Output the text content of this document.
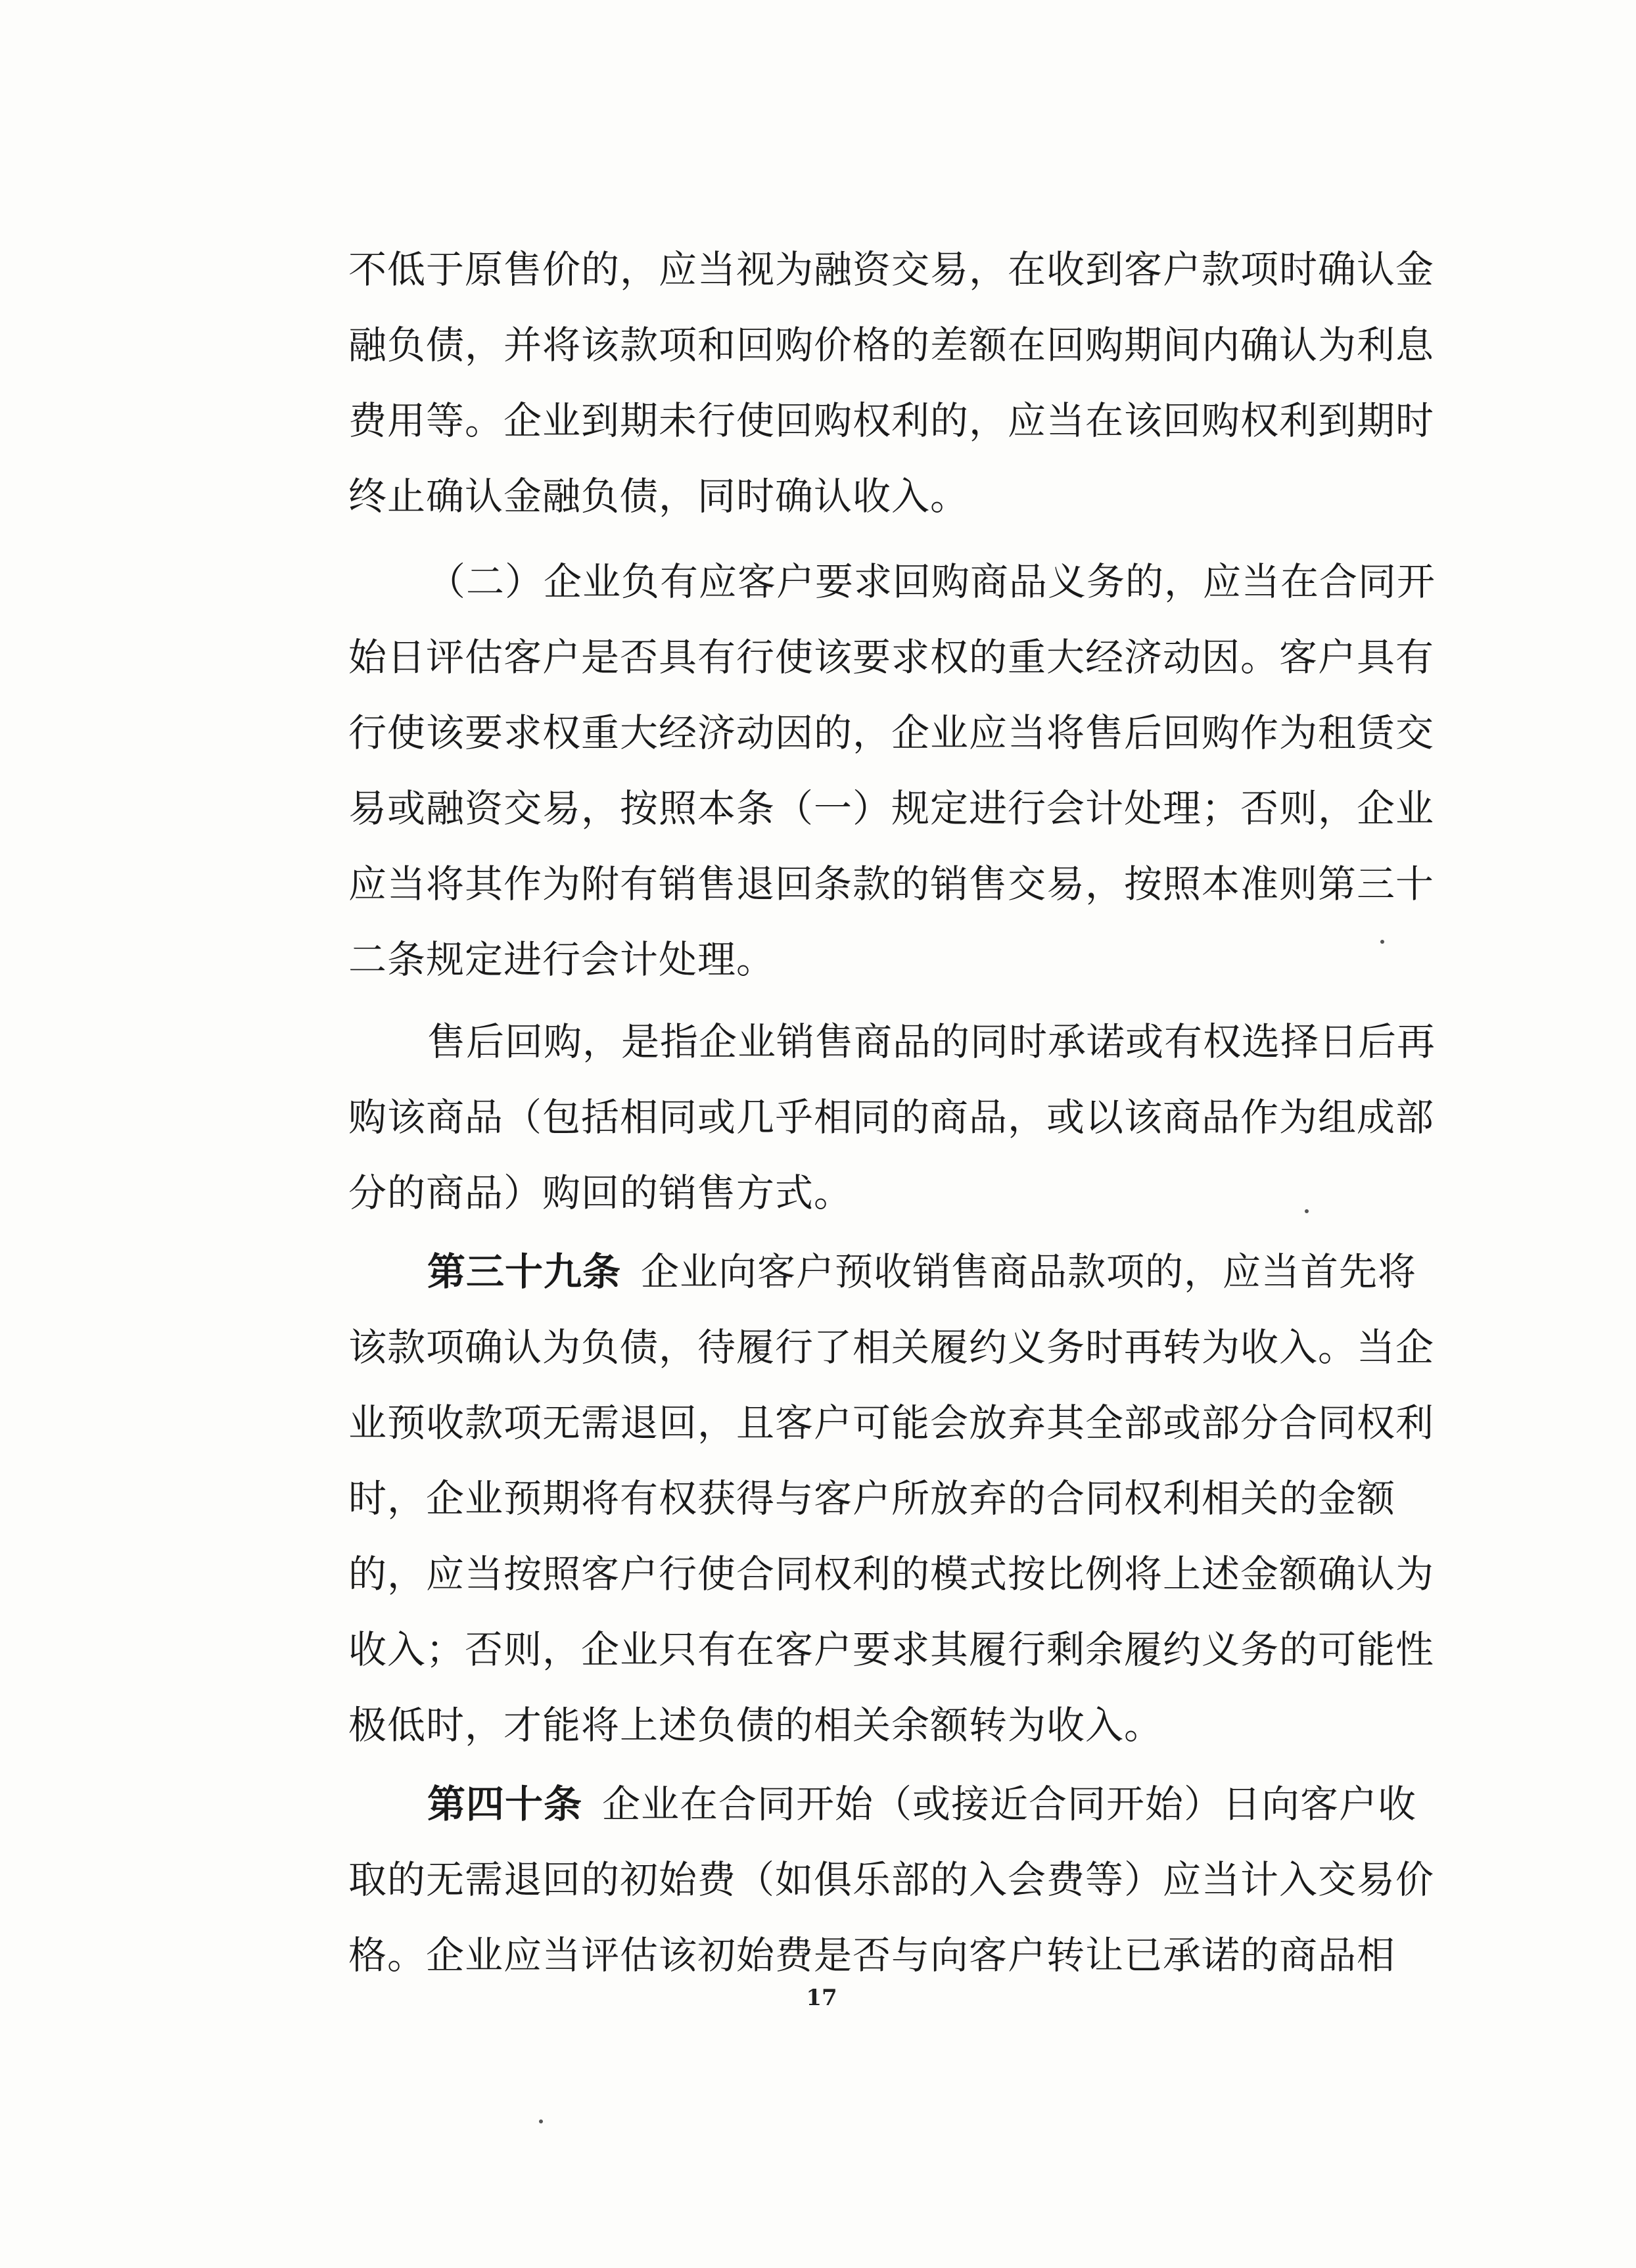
不低于原售价的，应当视为融资交易，在收到客户款项时确认金
融负债，并将该款项和回购价格的差额在回购期间内确认为利息
费用等。企业到期未行使回购权利的，应当在该回购权利到期时
终止确认金融负债，同时确认收入。
（二）企业负有应客户要求回购商品义务的，应当在合同开
始日评估客户是否具有行使该要求权的重大经济动因。客户具有
行使该要求权重大经济动因的，企业应当将售后回购作为租赁交
易或融资交易，按照本条（一）规定进行会计处理；否则，企业
应当将其作为附有销售退回条款的销售交易，按照本准则第三十
二条规定进行会计处理。
售后回购，是指企业销售商品的同时承诺或有权选择日后再
购该商品（包括相同或几乎相同的商品，或以该商品作为组成部
分的商品）购回的销售方式。
第三十九条 企业向客户预收销售商品款项的，应当首先将
该款项确认为负债，待履行了相关履约义务时再转为收入。当企
业预收款项无需退回，且客户可能会放弃其全部或部分合同权利
时，企业预期将有权获得与客户所放弃的合同权利相关的金额
的，应当按照客户行使合同权利的模式按比例将上述金额确认为
收入；否则，企业只有在客户要求其履行剩余履约义务的可能性
极低时，才能将上述负债的相关余额转为收入。
第四十条 企业在合同开始（或接近合同开始）日向客户收
取的无需退回的初始费（如俱乐部的入会费等）应当计入交易价
格。企业应当评估该初始费是否与向客户转让已承诺的商品相
17
